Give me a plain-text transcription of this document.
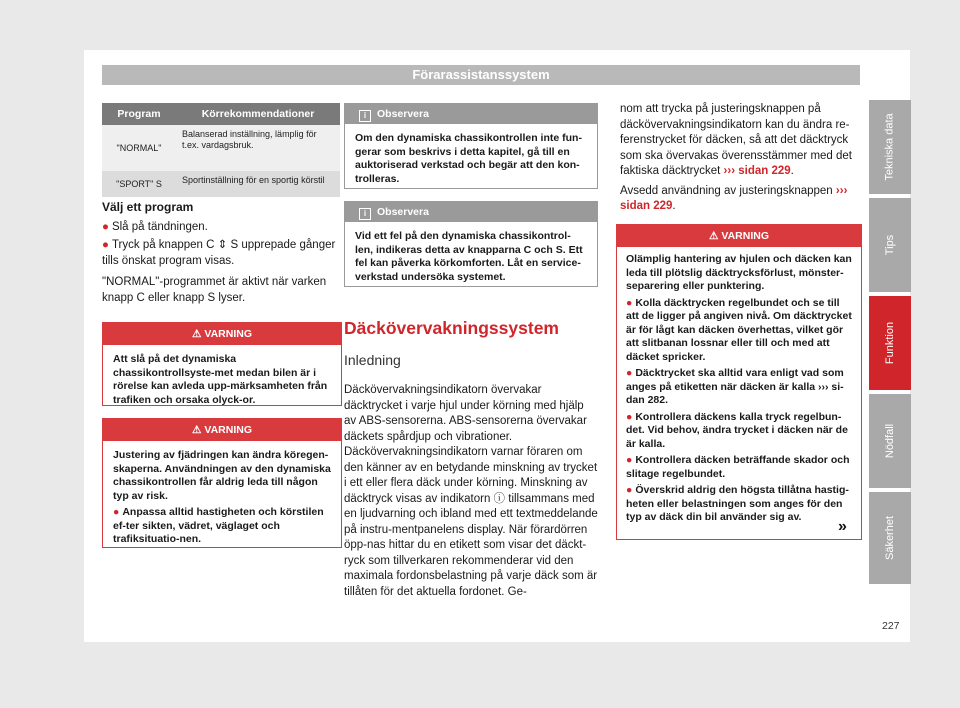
Förarassistanssystem
Program	Körrekommendationer
"NORMAL"	Balanserad inställning, lämplig för t.ex. vardagsbruk.
"SPORT" S	Sportinställning för en sportig körstil

Välj ett program

● Slå på tändningen.

● Tryck på knappen C ⇕ S upprepade gånger tills önskat program visas.

"NORMAL"-programmet är aktivt när varken knapp C eller knapp S lyser.

⚠ VARNING
Att slå på det dynamiska chassikontrollsyste-met medan bilen är i rörelse kan avleda upp-märksamheten från trafiken och orsaka olyck-or.
⚠ VARNING
Justering av fjädringen kan ändra köregen-skaperna. Användningen av den dynamiska chassikontrollen får aldrig leda till någon typ av risk.
● Anpassa alltid hastigheten och körstilen ef-ter sikten, vädret, väglaget och trafiksituatio-nen.
i Observera
Om den dynamiska chassikontrollen inte fun-gerar som beskrivs i detta kapitel, gå till en auktoriserad verkstad och begär att den kon-trolleras.
i Observera
Vid ett fel på den dynamiska chassikontrol-len, indikeras detta av knapparna C och S. Ett fel kan påverka körkomforten. Låt en service-verkstad undersöka systemet.
Däckövervakningssystem
Inledning

Däckövervakningsindikatorn övervakar däcktrycket i varje hjul under körning med hjälp av ABS-sensorerna. ABS-sensorerna övervakar däckets spårdjup och vibrationer. Däckövervakningsindikatorn varnar föraren om den känner av en betydande minskning av trycket i ett eller flera däck under körning. Minskning av däcktryck visas av indikatorn ⓘ tillsammans med en ljudvarning och ibland med ett textmeddelande på instru-mentpanelens display. När förardörren öpp-nas hittar du en etikett som visar det däckt-ryck som tillverkaren rekommenderar vid den maximala fordonsbelastning på varje däck som är tillåten för det aktuella fordonet. Ge-

nom att trycka på justeringsknappen på däckövervakningsindikatorn kan du ändra re-ferenstrycket för däcken, så att det däcktryck som ska övervakas överensstämmer med det faktiska däcktrycket ››› sidan 229.

Avsedd användning av justeringsknappen ››› sidan 229.

⚠ VARNING
Olämplig hantering av hjulen och däcken kan leda till plötslig däcktrycksförlust, mönster-separering eller punktering.
● Kolla däcktrycken regelbundet och se till att de ligger på angiven nivå. Om däcktrycket är för lågt kan däcken överhettas, vilket gör att slitbanan lossnar eller till och med att däcket spricker.
● Däcktrycket ska alltid vara enligt vad som anges på etiketten när däcken är kalla ››› si-dan 282.
● Kontrollera däckens kalla tryck regelbun-det. Vid behov, ändra trycket i däcken när de är kalla.
● Kontrollera däcken beträffande skador och slitage regelbundet.
● Överskrid aldrig den högsta tillåtna hastig-heten eller belastningen som anges för den typ av däck din bil använder sig av.
»
Tekniska data
Tips
Funktion
Nödfall
Säkerhet
227
